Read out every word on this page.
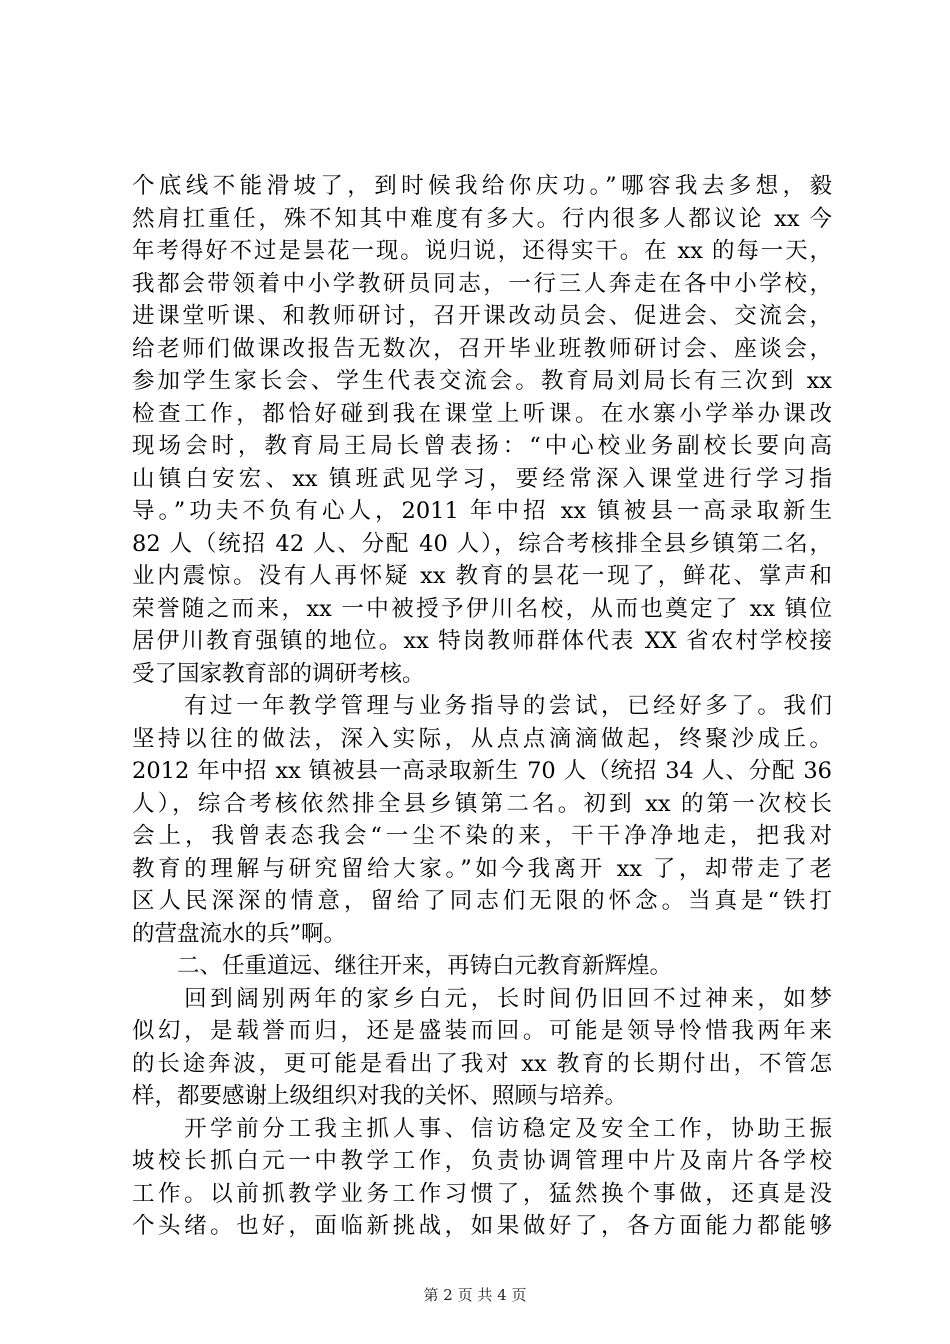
个底线不能滑坡了，到时候我给你庆功。”哪容我去多想，毅
然肩扛重任，殊不知其中难度有多大。行内很多人都议论 xx 今
年考得好不过是昙花一现。说归说，还得实干。在 xx 的每一天，
我都会带领着中小学教研员同志，一行三人奔走在各中小学校，
进课堂听课、和教师研讨，召开课改动员会、促进会、交流会，
给老师们做课改报告无数次，召开毕业班教师研讨会、座谈会，
参加学生家长会、学生代表交流会。教育局刘局长有三次到 xx
检查工作，都恰好碰到我在课堂上听课。在水寨小学举办课改
现场会时，教育局王局长曾表扬：“中心校业务副校长要向高
山镇白安宏、xx 镇班武见学习，要经常深入课堂进行学习指
导。”功夫不负有心人，2011 年中招 xx 镇被县一高录取新生
82 人（统招 42 人、分配 40 人），综合考核排全县乡镇第二名，
业内震惊。没有人再怀疑 xx 教育的昙花一现了，鲜花、掌声和
荣誉随之而来，xx 一中被授予伊川名校，从而也奠定了 xx 镇位
居伊川教育强镇的地位。xx 特岗教师群体代表 XX 省农村学校接
受了国家教育部的调研考核。
　　有过一年教学管理与业务指导的尝试，已经好多了。我们
坚持以往的做法，深入实际，从点点滴滴做起，终聚沙成丘。
2012 年中招 xx 镇被县一高录取新生 70 人（统招 34 人、分配 36
人），综合考核依然排全县乡镇第二名。初到 xx 的第一次校长
会上，我曾表态我会“一尘不染的来，干干净净地走，把我对
教育的理解与研究留给大家。”如今我离开 xx 了，却带走了老
区人民深深的情意，留给了同志们无限的怀念。当真是“铁打
的营盘流水的兵”啊。
　　二、任重道远、继往开来，再铸白元教育新辉煌。
　　回到阔别两年的家乡白元，长时间仍旧回不过神来，如梦
似幻，是载誉而归，还是盛装而回。可能是领导怜惜我两年来
的长途奔波，更可能是看出了我对 xx 教育的长期付出，不管怎
样，都要感谢上级组织对我的关怀、照顾与培养。
　　开学前分工我主抓人事、信访稳定及安全工作，协助王振
坡校长抓白元一中教学工作，负责协调管理中片及南片各学校
工作。以前抓教学业务工作习惯了，猛然换个事做，还真是没
个头绪。也好，面临新挑战，如果做好了，各方面能力都能够
第 2 页 共 4 页
